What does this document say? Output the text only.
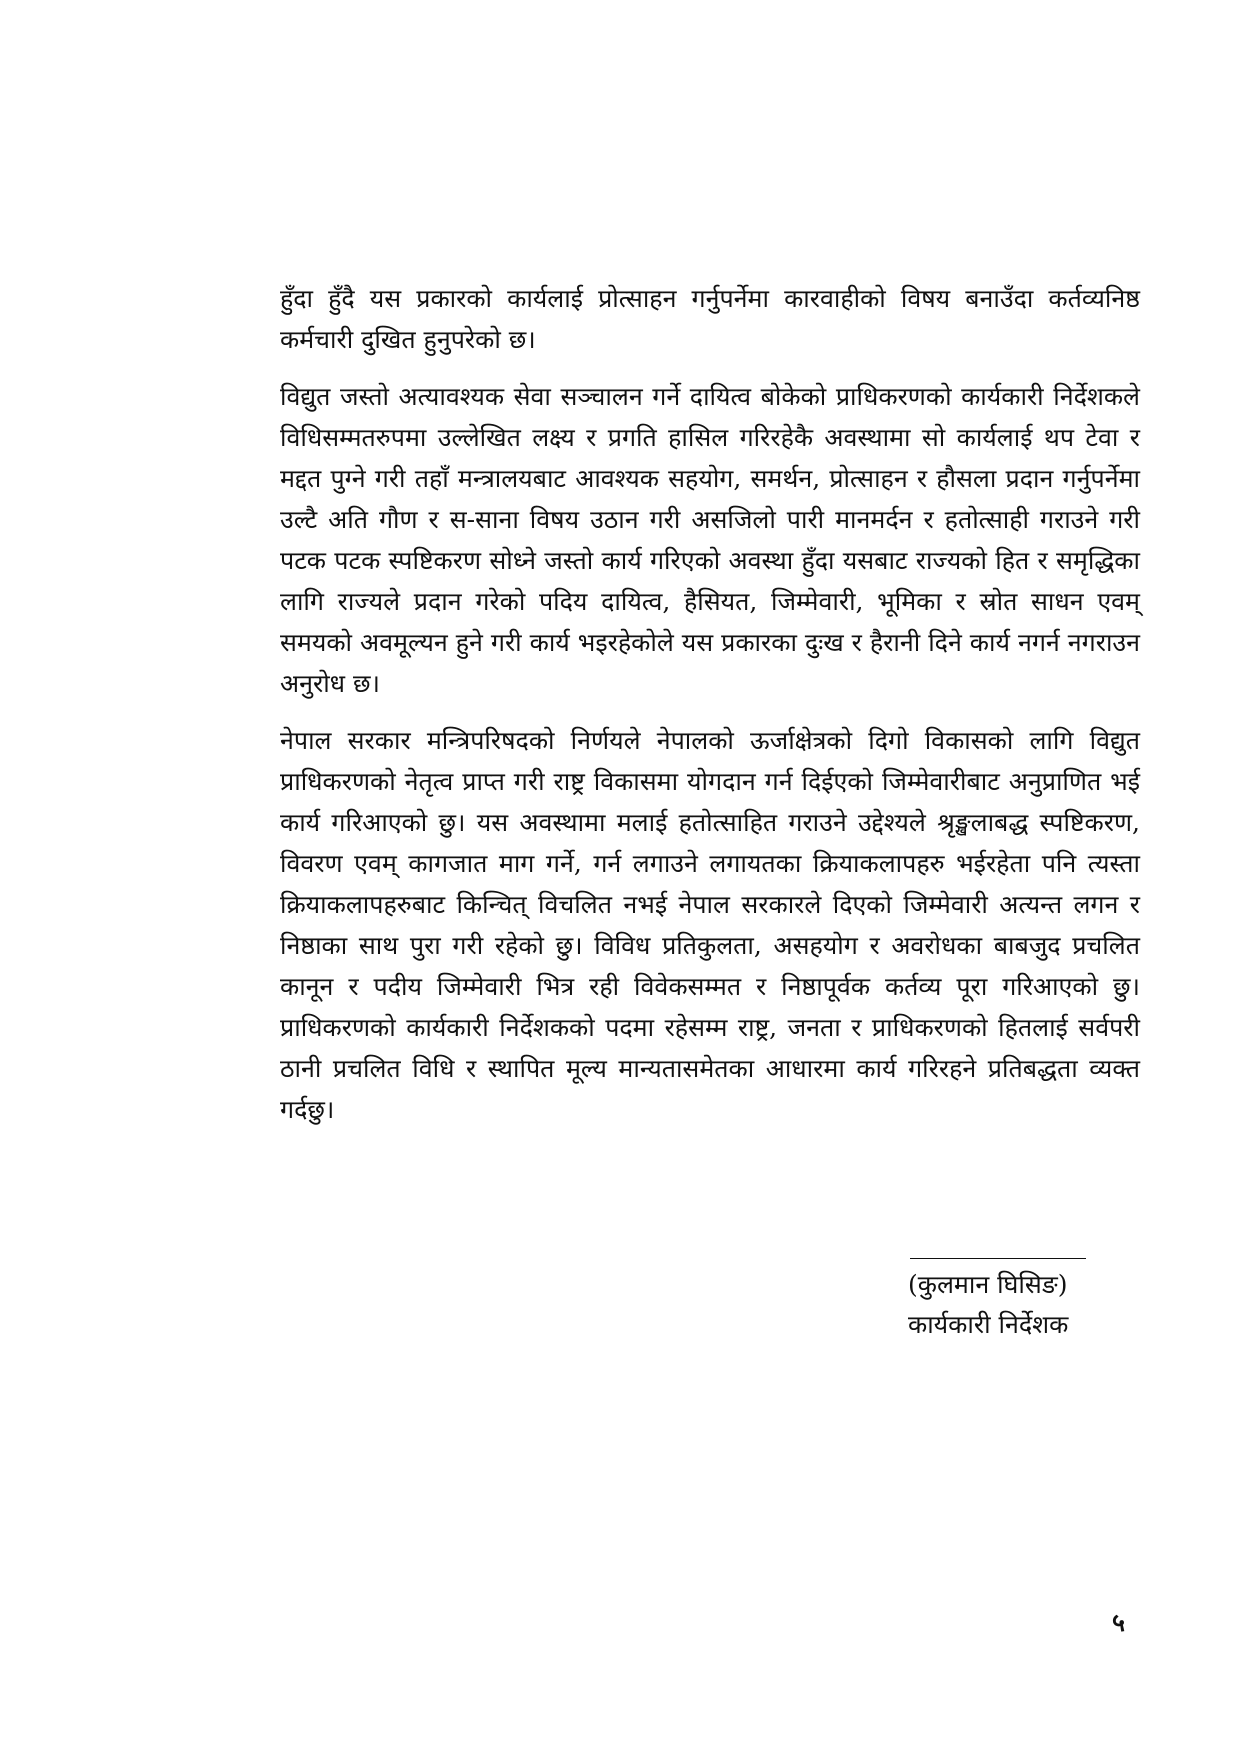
हुँदा हुँदै यस प्रकारको कार्यलाई प्रोत्साहन गर्नुपर्नेमा कारवाहीको विषय बनाउँदा कर्तव्यनिष्ठ कर्मचारी दुखित हुनुपरेको छ।

विद्युत जस्तो अत्यावश्यक सेवा सञ्चालन गर्ने दायित्व बोकेको प्राधिकरणको कार्यकारी निर्देशकले विधिसम्मतरुपमा उल्लेखित लक्ष्य र प्रगति हासिल गरिरहेकै अवस्थामा सो कार्यलाई थप टेवा र मद्दत पुग्ने गरी तहाँ मन्त्रालयबाट आवश्यक सहयोग, समर्थन, प्रोत्साहन र हौसला प्रदान गर्नुपर्नेमा उल्टै अति गौण र स-साना विषय उठान गरी असजिलो पारी मानमर्दन र हतोत्साही गराउने गरी पटक पटक स्पष्टिकरण सोध्ने जस्तो कार्य गरिएको अवस्था हुँदा यसबाट राज्यको हित र समृद्धिका लागि राज्यले प्रदान गरेको पदिय दायित्व, हैसियत, जिम्मेवारी, भूमिका र स्रोत साधन एवम् समयको अवमूल्यन हुने गरी कार्य भइरहेकोले यस प्रकारका दुःख र हैरानी दिने कार्य नगर्न नगराउन अनुरोध छ।

नेपाल सरकार मन्त्रिपरिषदको निर्णयले नेपालको ऊर्जाक्षेत्रको दिगो विकासको लागि विद्युत प्राधिकरणको नेतृत्व प्राप्त गरी राष्ट्र विकासमा योगदान गर्न दिईएको जिम्मेवारीबाट अनुप्राणित भई कार्य गरिआएको छु। यस अवस्थामा मलाई हतोत्साहित गराउने उद्देश्यले श्रृङ्खलाबद्ध स्पष्टिकरण, विवरण एवम् कागजात माग गर्ने, गर्न लगाउने लगायतका क्रियाकलापहरु भईरहेता पनि त्यस्ता क्रियाकलापहरुबाट किन्चित् विचलित नभई नेपाल सरकारले दिएको जिम्मेवारी अत्यन्त लगन र निष्ठाका साथ पुरा गरी रहेको छु। विविध प्रतिकुलता, असहयोग र अवरोधका बाबजुद प्रचलित कानून र पदीय जिम्मेवारी भित्र रही विवेकसम्मत र निष्ठापूर्वक कर्तव्य पूरा गरिआएको छु। प्राधिकरणको कार्यकारी निर्देशकको पदमा रहेसम्म राष्ट्र, जनता र प्राधिकरणको हितलाई सर्वपरी ठानी प्रचलित विधि र स्थापित मूल्य मान्यतासमेतका आधारमा कार्य गरिरहने प्रतिबद्धता व्यक्त गर्दछु।

(कुलमान घिसिङ)
कार्यकारी निर्देशक
५
